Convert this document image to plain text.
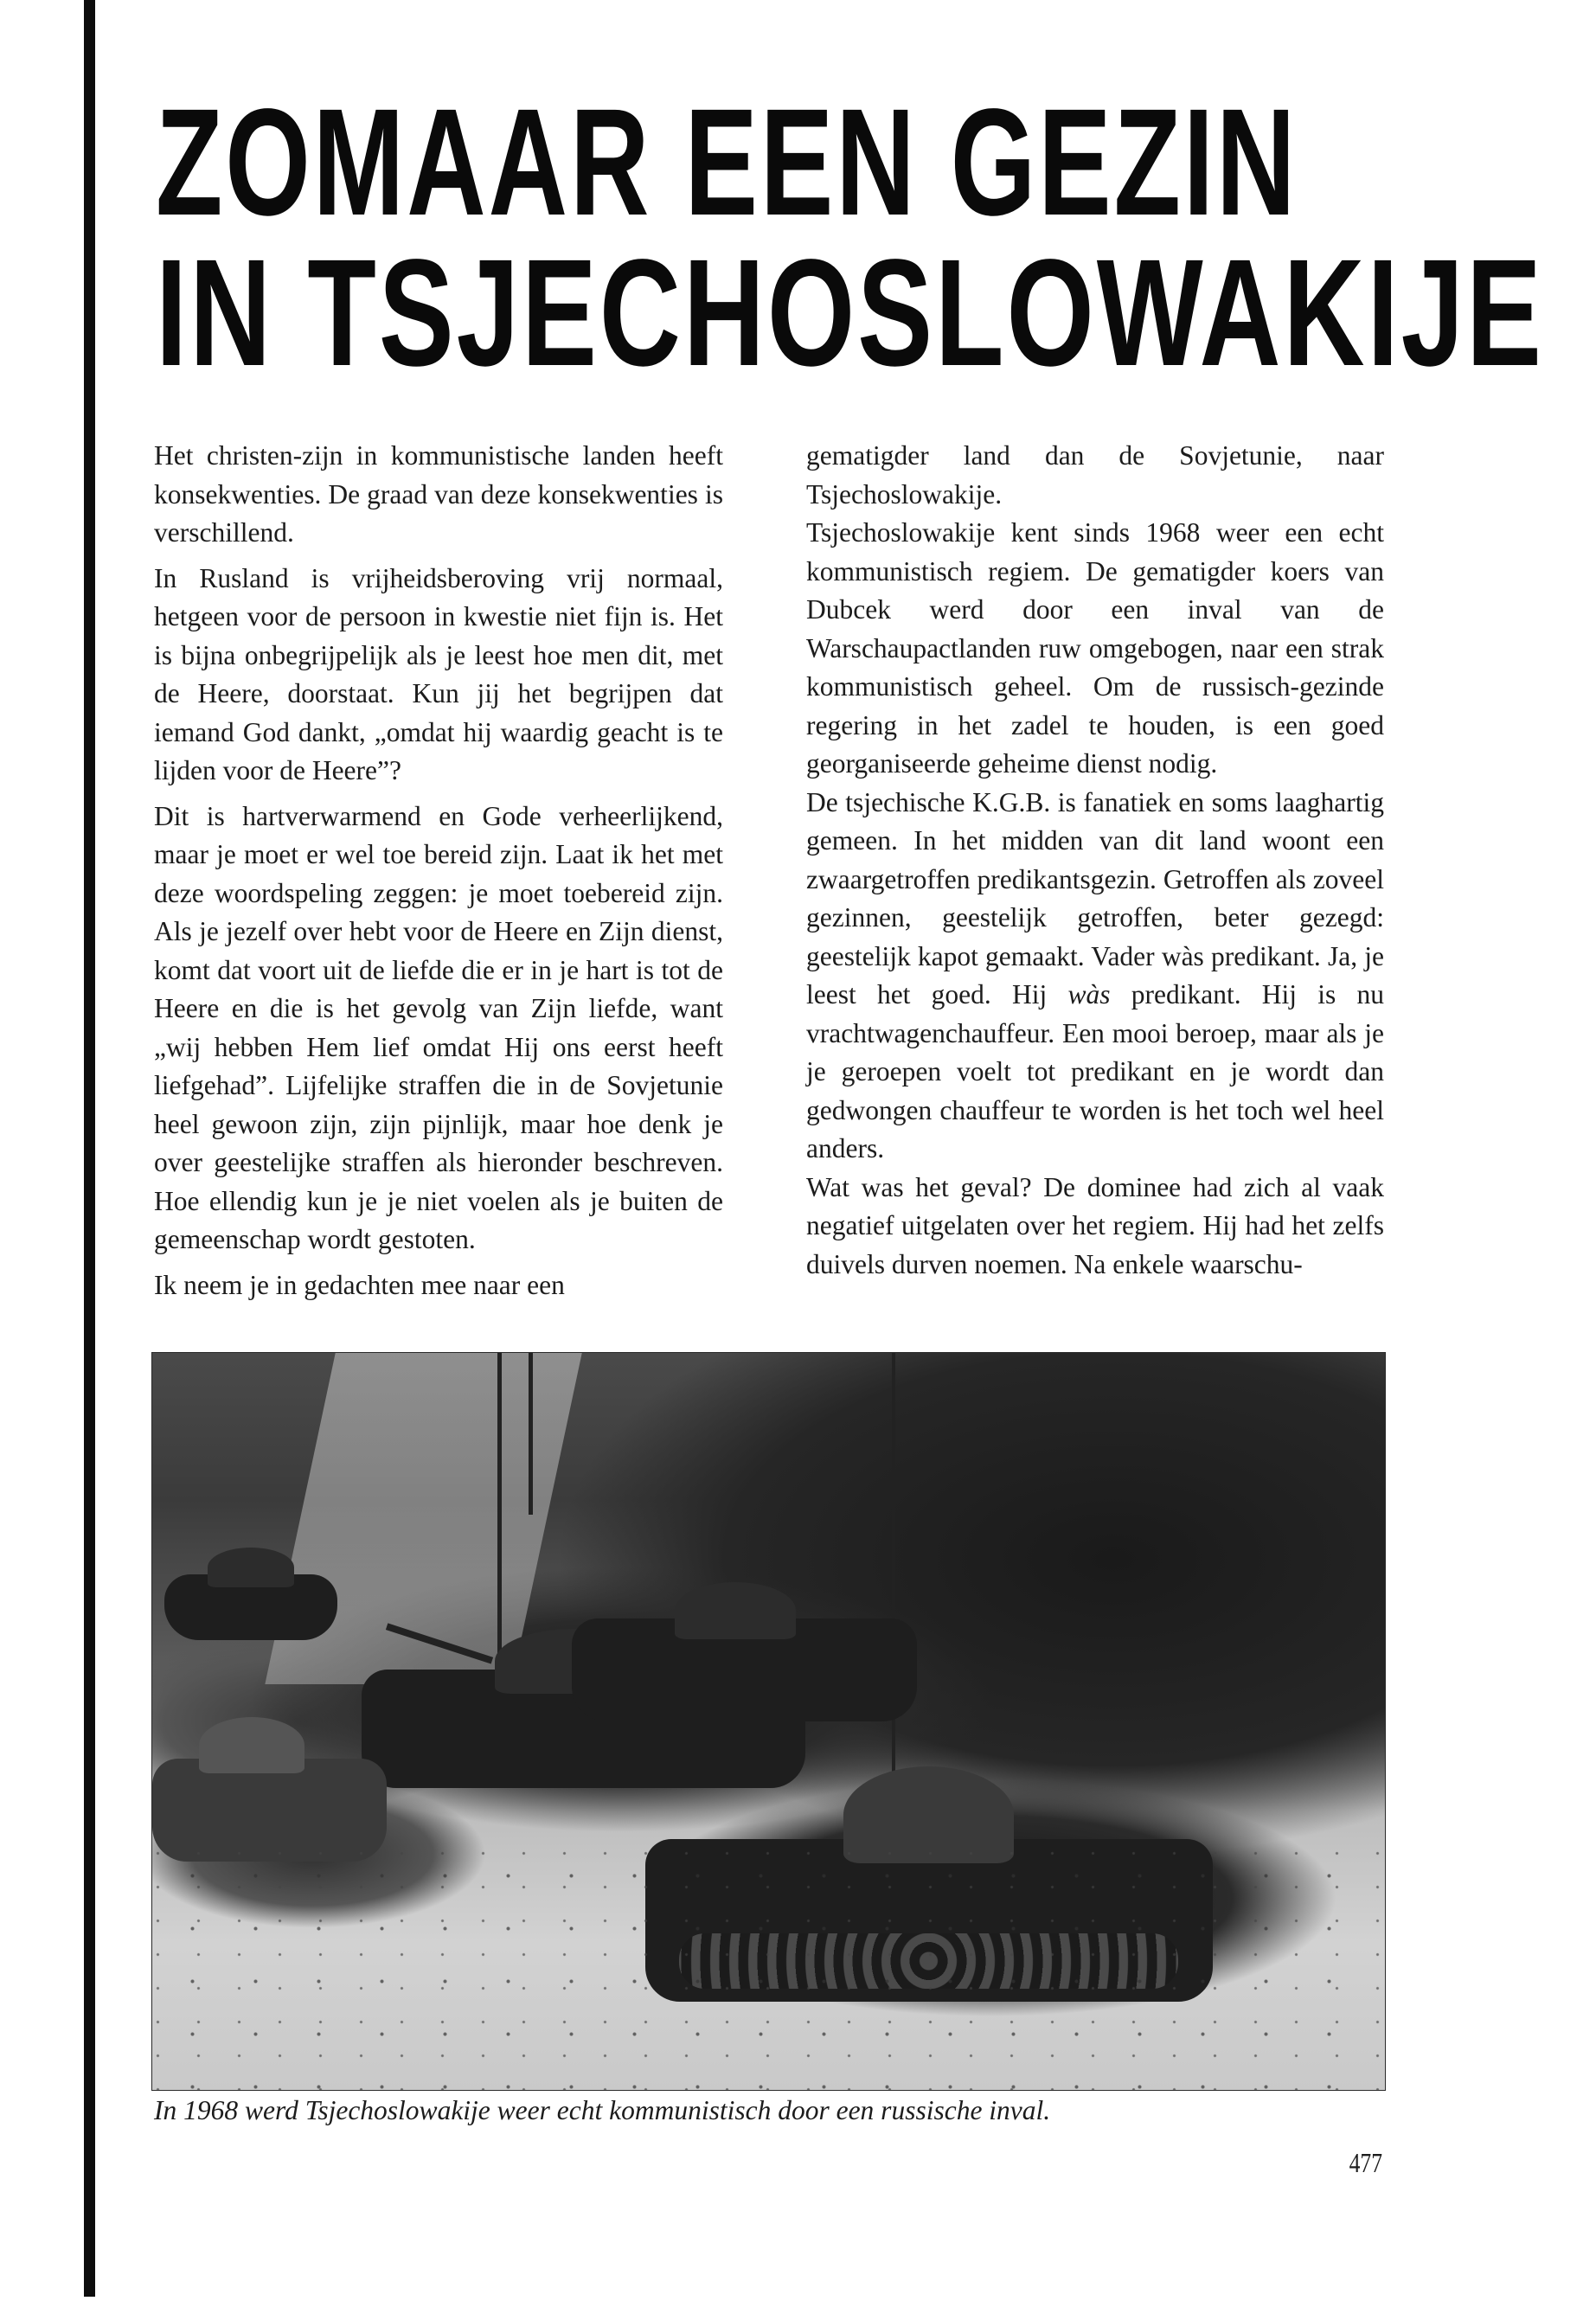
ZOMAAR EEN GEZIN
IN TSJECHOSLOWAKIJE

Het christen-zijn in kommunistische landen heeft konsekwenties. De graad van deze konsekwenties is verschillend.

In Rusland is vrijheidsberoving vrij normaal, hetgeen voor de persoon in kwestie niet fijn is. Het is bijna onbegrijpelijk als je leest hoe men dit, met de Heere, doorstaat. Kun jij het begrijpen dat iemand God dankt, „omdat hij waardig geacht is te lijden voor de Heere”?

Dit is hartverwarmend en Gode verheerlijkend, maar je moet er wel toe bereid zijn. Laat ik het met deze woordspeling zeggen: je moet toebereid zijn. Als je jezelf over hebt voor de Heere en Zijn dienst, komt dat voort uit de liefde die er in je hart is tot de Heere en die is het gevolg van Zijn liefde, want „wij hebben Hem lief omdat Hij ons eerst heeft liefgehad”. Lijfelijke straffen die in de Sovjetunie heel gewoon zijn, zijn pijnlijk, maar hoe denk je over geestelijke straffen als hieronder beschreven. Hoe ellendig kun je je niet voelen als je buiten de gemeenschap wordt gestoten.

Ik neem je in gedachten mee naar een

gematigder land dan de Sovjetunie, naar Tsjechoslowakije.

Tsjechoslowakije kent sinds 1968 weer een echt kommunistisch regiem. De gematigder koers van Dubcek werd door een inval van de Warschaupactlanden ruw omgebogen, naar een strak kommunistisch geheel. Om de russisch-gezinde regering in het zadel te houden, is een goed georganiseerde geheime dienst nodig.

De tsjechische K.G.B. is fanatiek en soms laaghartig gemeen. In het midden van dit land woont een zwaargetroffen predikantsgezin. Getroffen als zoveel gezinnen, geestelijk getroffen, beter gezegd: geestelijk kapot gemaakt. Vader wàs predikant. Ja, je leest het goed. Hij wàs predikant. Hij is nu vrachtwagenchauffeur. Een mooi beroep, maar als je je geroepen voelt tot predikant en je wordt dan gedwongen chauffeur te worden is het toch wel heel anders.

Wat was het geval? De dominee had zich al vaak negatief uitgelaten over het regiem. Hij had het zelfs duivels durven noemen. Na enkele waarschu-

In 1968 werd Tsjechoslowakije weer echt kommunistisch door een russische inval.
477
